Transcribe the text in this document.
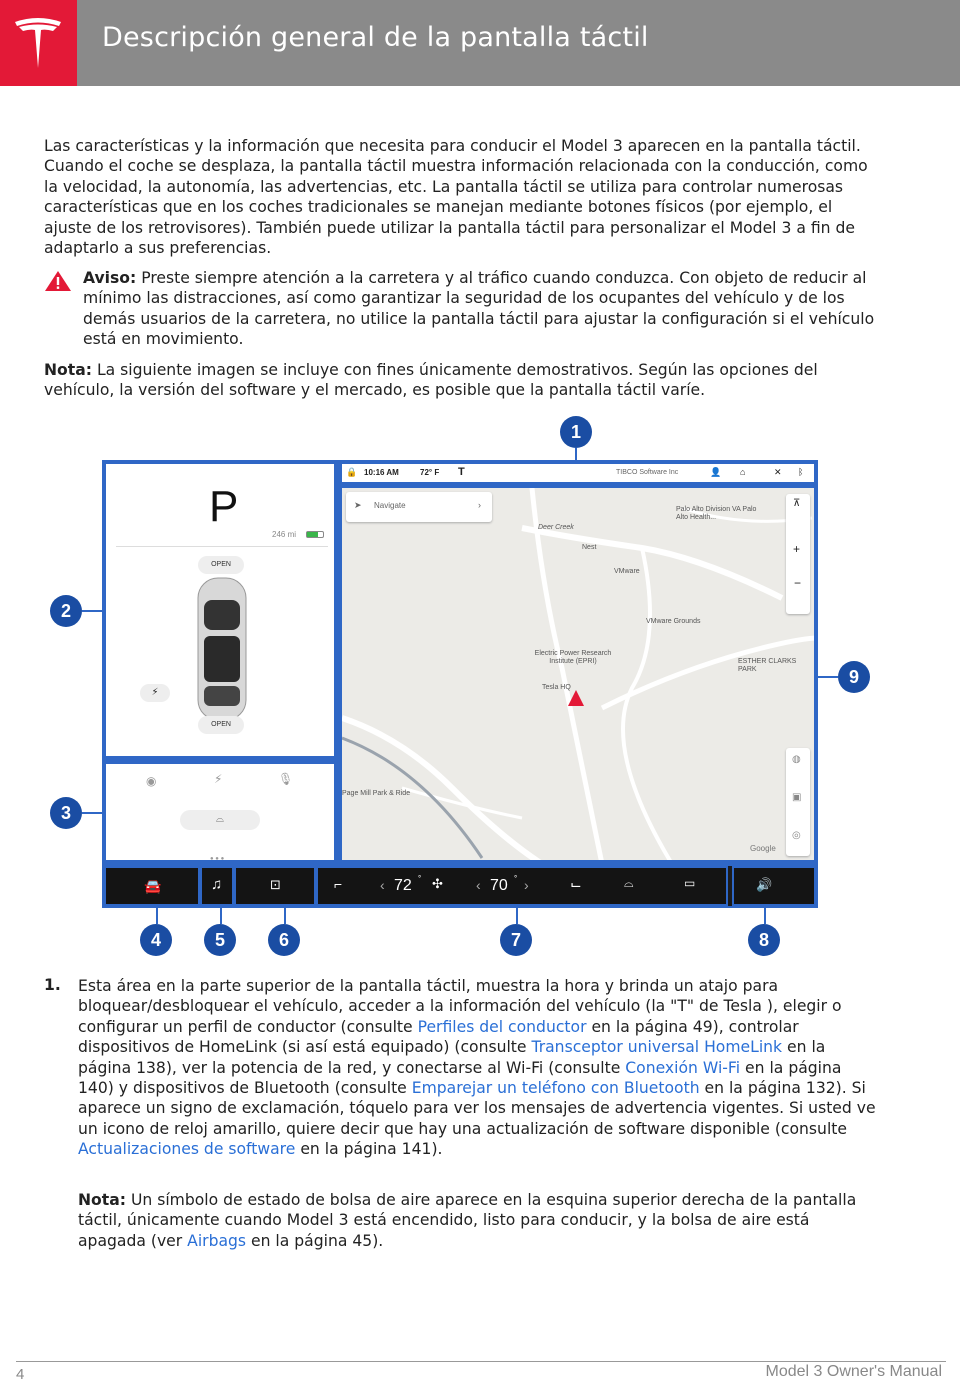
Descripción general de la pantalla táctil
Las características y la información que necesita para conducir el Model 3 aparecen en la pantalla táctil. Cuando el coche se desplaza, la pantalla táctil muestra información relacionada con la conducción, como la velocidad, la autonomía, las advertencias, etc. La pantalla táctil se utiliza para controlar numerosas características que en los coches tradicionales se manejan mediante botones físicos (por ejemplo, el ajuste de los retrovisores). También puede utilizar la pantalla táctil para personalizar el Model 3 a fin de adaptarlo a sus preferencias.
Aviso: Preste siempre atención a la carretera y al tráfico cuando conduzca. Con objeto de reducir al mínimo las distracciones, así como garantizar la seguridad de los ocupantes del vehículo y de los demás usuarios de la carretera, no utilice la pantalla táctil para ajustar la configuración si el vehículo está en movimiento.
Nota: La siguiente imagen se incluye con fines únicamente demostrativos. Según las opciones del vehículo, la versión del software y el mercado, es posible que la pantalla táctil varíe.
P
246 mi
OPEN
OPEN
⚡
◉	⚡	🎙
⌓
● ● ●
🔒 10:16 AM	72° F T	TIBCO Software Inc	👤 ⌂	✕ ᛒ
➤ Navigate	›
Deer Creek
Nest
VMware
VMware Grounds
Electric Power Research Institute (EPRI)
Tesla HQ
Palo Alto Division VA Palo Alto Health...
ESTHER CLARKS PARK
Page Mill Park & Ride
Google
⊼
+
−
◍
▣
◎
🚘	♫	⊡	⌐	‹ 72 ° ✣ ‹ 70 ° ›	⌙	⌓	▭	🔊
1
2
3
4	5	6	7	8
9
1. Esta área en la parte superior de la pantalla táctil, muestra la hora y brinda un atajo para bloquear/desbloquear el vehículo, acceder a la información del vehículo (la "T" de Tesla ), elegir o configurar un perfil de conductor (consulte Perfiles del conductor en la página 49), controlar dispositivos de HomeLink (si así está equipado) (consulte Transceptor universal HomeLink en la página 138), ver la potencia de la red, y conectarse al Wi-Fi (consulte Conexión Wi-Fi en la página 140) y dispositivos de Bluetooth (consulte Emparejar un teléfono con Bluetooth en la página 132). Si aparece un signo de exclamación, tóquelo para ver los mensajes de advertencia vigentes. Si usted ve un icono de reloj amarillo, quiere decir que hay una actualización de software disponible (consulte Actualizaciones de software en la página 141).
Nota: Un símbolo de estado de bolsa de aire aparece en la esquina superior derecha de la pantalla táctil, únicamente cuando Model 3 está encendido, listo para conducir, y la bolsa de aire está apagada (ver Airbags en la página 45).
4	Model 3 Owner's Manual
